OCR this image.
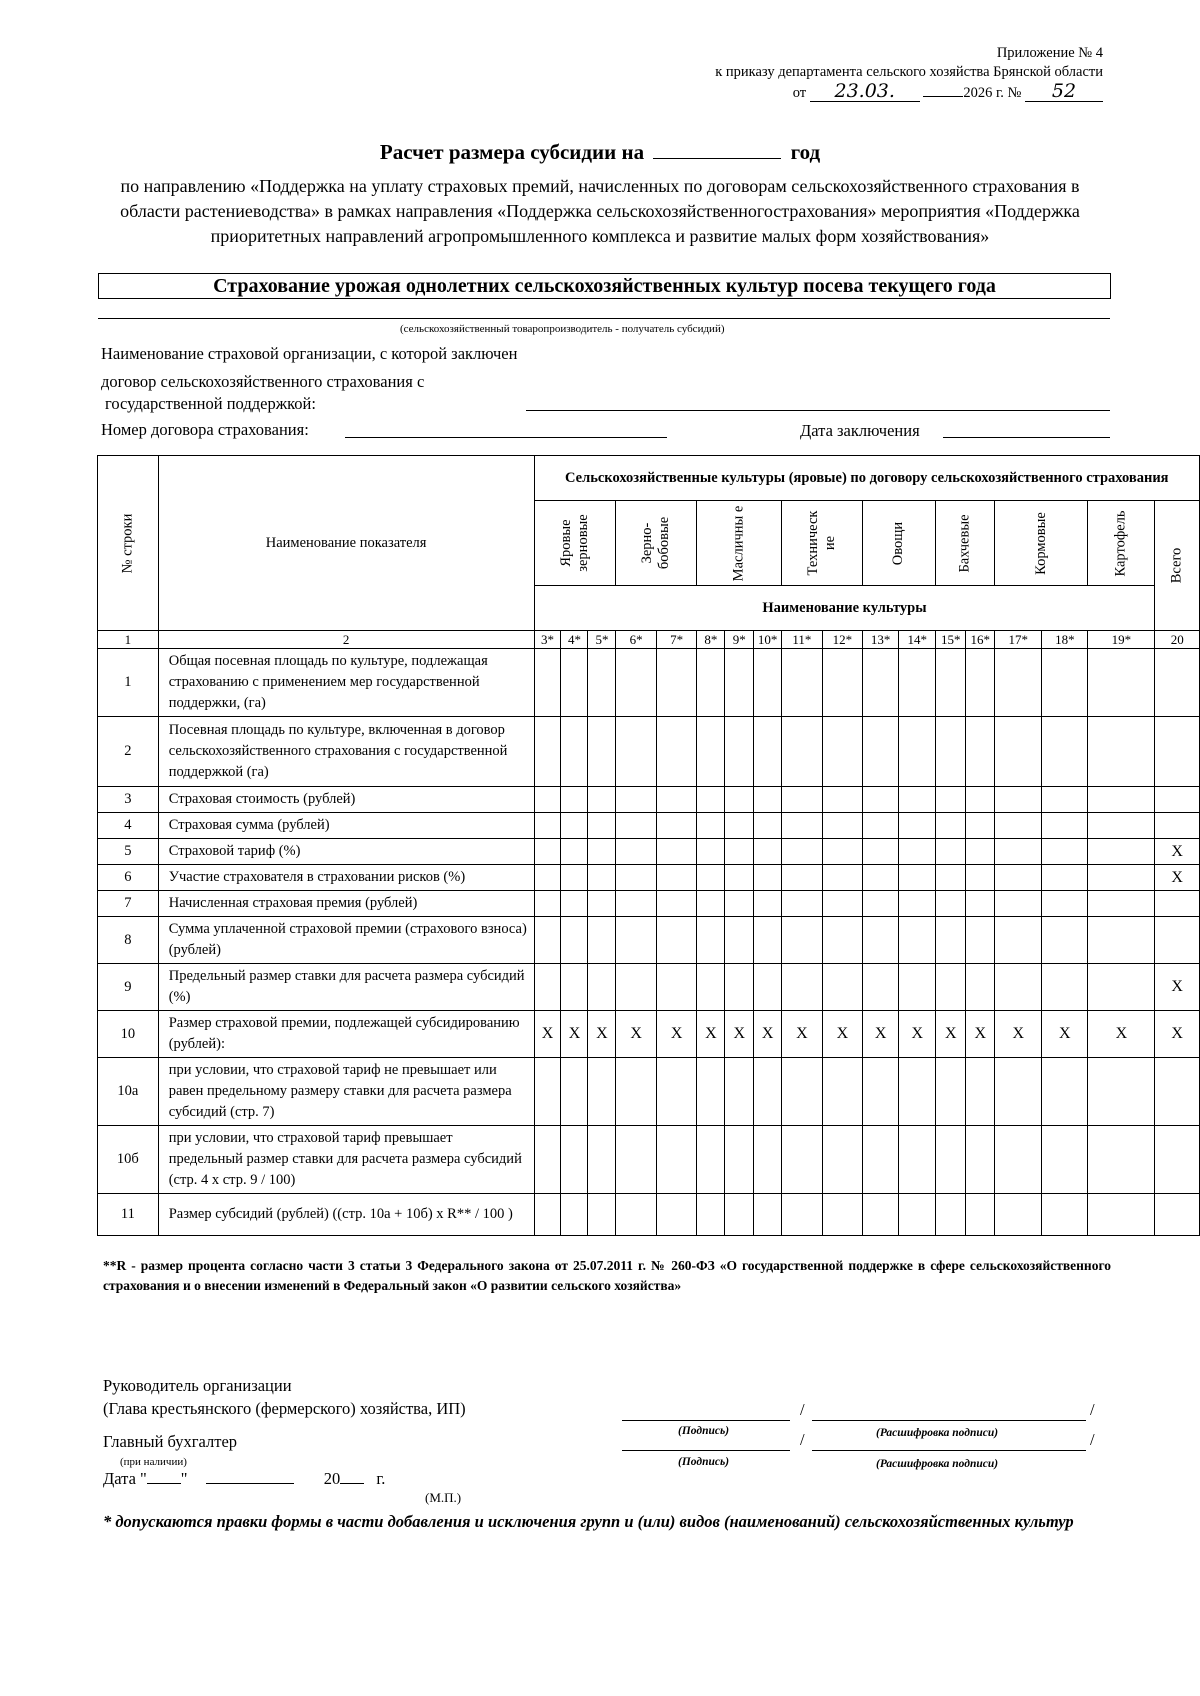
Приложение № 4
к приказу департамента сельского хозяйства Брянской области
от 23.03.	2026 г. № 52
Расчет размера субсидии на	год
по направлению «Поддержка на уплату страховых премий, начисленных по договорам сельскохозяйственного страхования в области растениеводства» в рамках направления «Поддержка сельскохозяйственногострахования» мероприятия «Поддержка приоритетных направлений агропромышленного комплекса и развитие малых форм хозяйствования»
Страхование урожая однолетних сельскохозяйственных культур посева текущего года
(сельскохозяйственный товаропроизводитель - получатель субсидий)
Наименование страховой организации, с которой заключен
договор сельскохозяйственного страхования с
государственной поддержкой:
Номер договора страхования:	Дата заключения
№ строки	Наименование показателя	Сельскохозяйственные культуры (яровые) по договору сельскохозяйственного страхования																	
		Яровые зерновые			Зерно-бобовые		Масличны е			Техническ ие		Овощи		Бахчевые		Кормовые		Картофель	Всего
		Наименование культуры																	
1	2	3*	4*	5*	6*	7*	8*	9*	10*	11*	12*	13*	14*	15*	16*	17*	18*	19*	20
1	Общая посевная площадь по культуре, подлежащая страхованию с применением мер государственной поддержки, (га)																		
2	Посевная площадь по культуре, включенная в договор сельскохозяйственного страхования с государственной поддержкой (га)																		
3	Страховая стоимость (рублей)																		
4	Страховая сумма (рублей)																		
5	Страховой тариф (%)																		X
6	Участие страхователя в страховании рисков (%)																		X
7	Начисленная страховая премия (рублей)																		
8	Сумма уплаченной страховой премии (страхового взноса) (рублей)																		
9	Предельный размер ставки для расчета размера субсидий (%)																		X
10	Размер страховой премии, подлежащей субсидированию (рублей):	X	X	X	X	X	X	X	X	X	X	X	X	X	X	X	X	X	X
10а	при условии, что страховой тариф не превышает или равен предельному размеру ставки для расчета размера субсидий (стр. 7)																		
10б	при условии, что страховой тариф превышает предельный размер ставки для расчета размера субсидий (стр. 4 х стр. 9 / 100)																		
11	Размер субсидий (рублей) ((стр. 10а + 10б) х R** / 100 )																		
**R - размер процента согласно части 3 статьи 3 Федерального закона от 25.07.2011 г. № 260-ФЗ «О государственной поддержке в сфере сельскохозяйственного страхования и о внесении изменений в Федеральный закон «О развитии сельского хозяйства»
Руководитель организации
(Глава крестьянского (фермерского) хозяйства, ИП)	/	/
(Подпись)	(Расшифровка подписи)
Главный бухгалтер	/	/
(при наличии)	(Подпись)	(Расшифровка подписи)
Дата " "	20 г.
(М.П.)
* допускаются правки формы в части добавления и исключения групп и (или) видов (наименований) сельскохозяйственных культур
